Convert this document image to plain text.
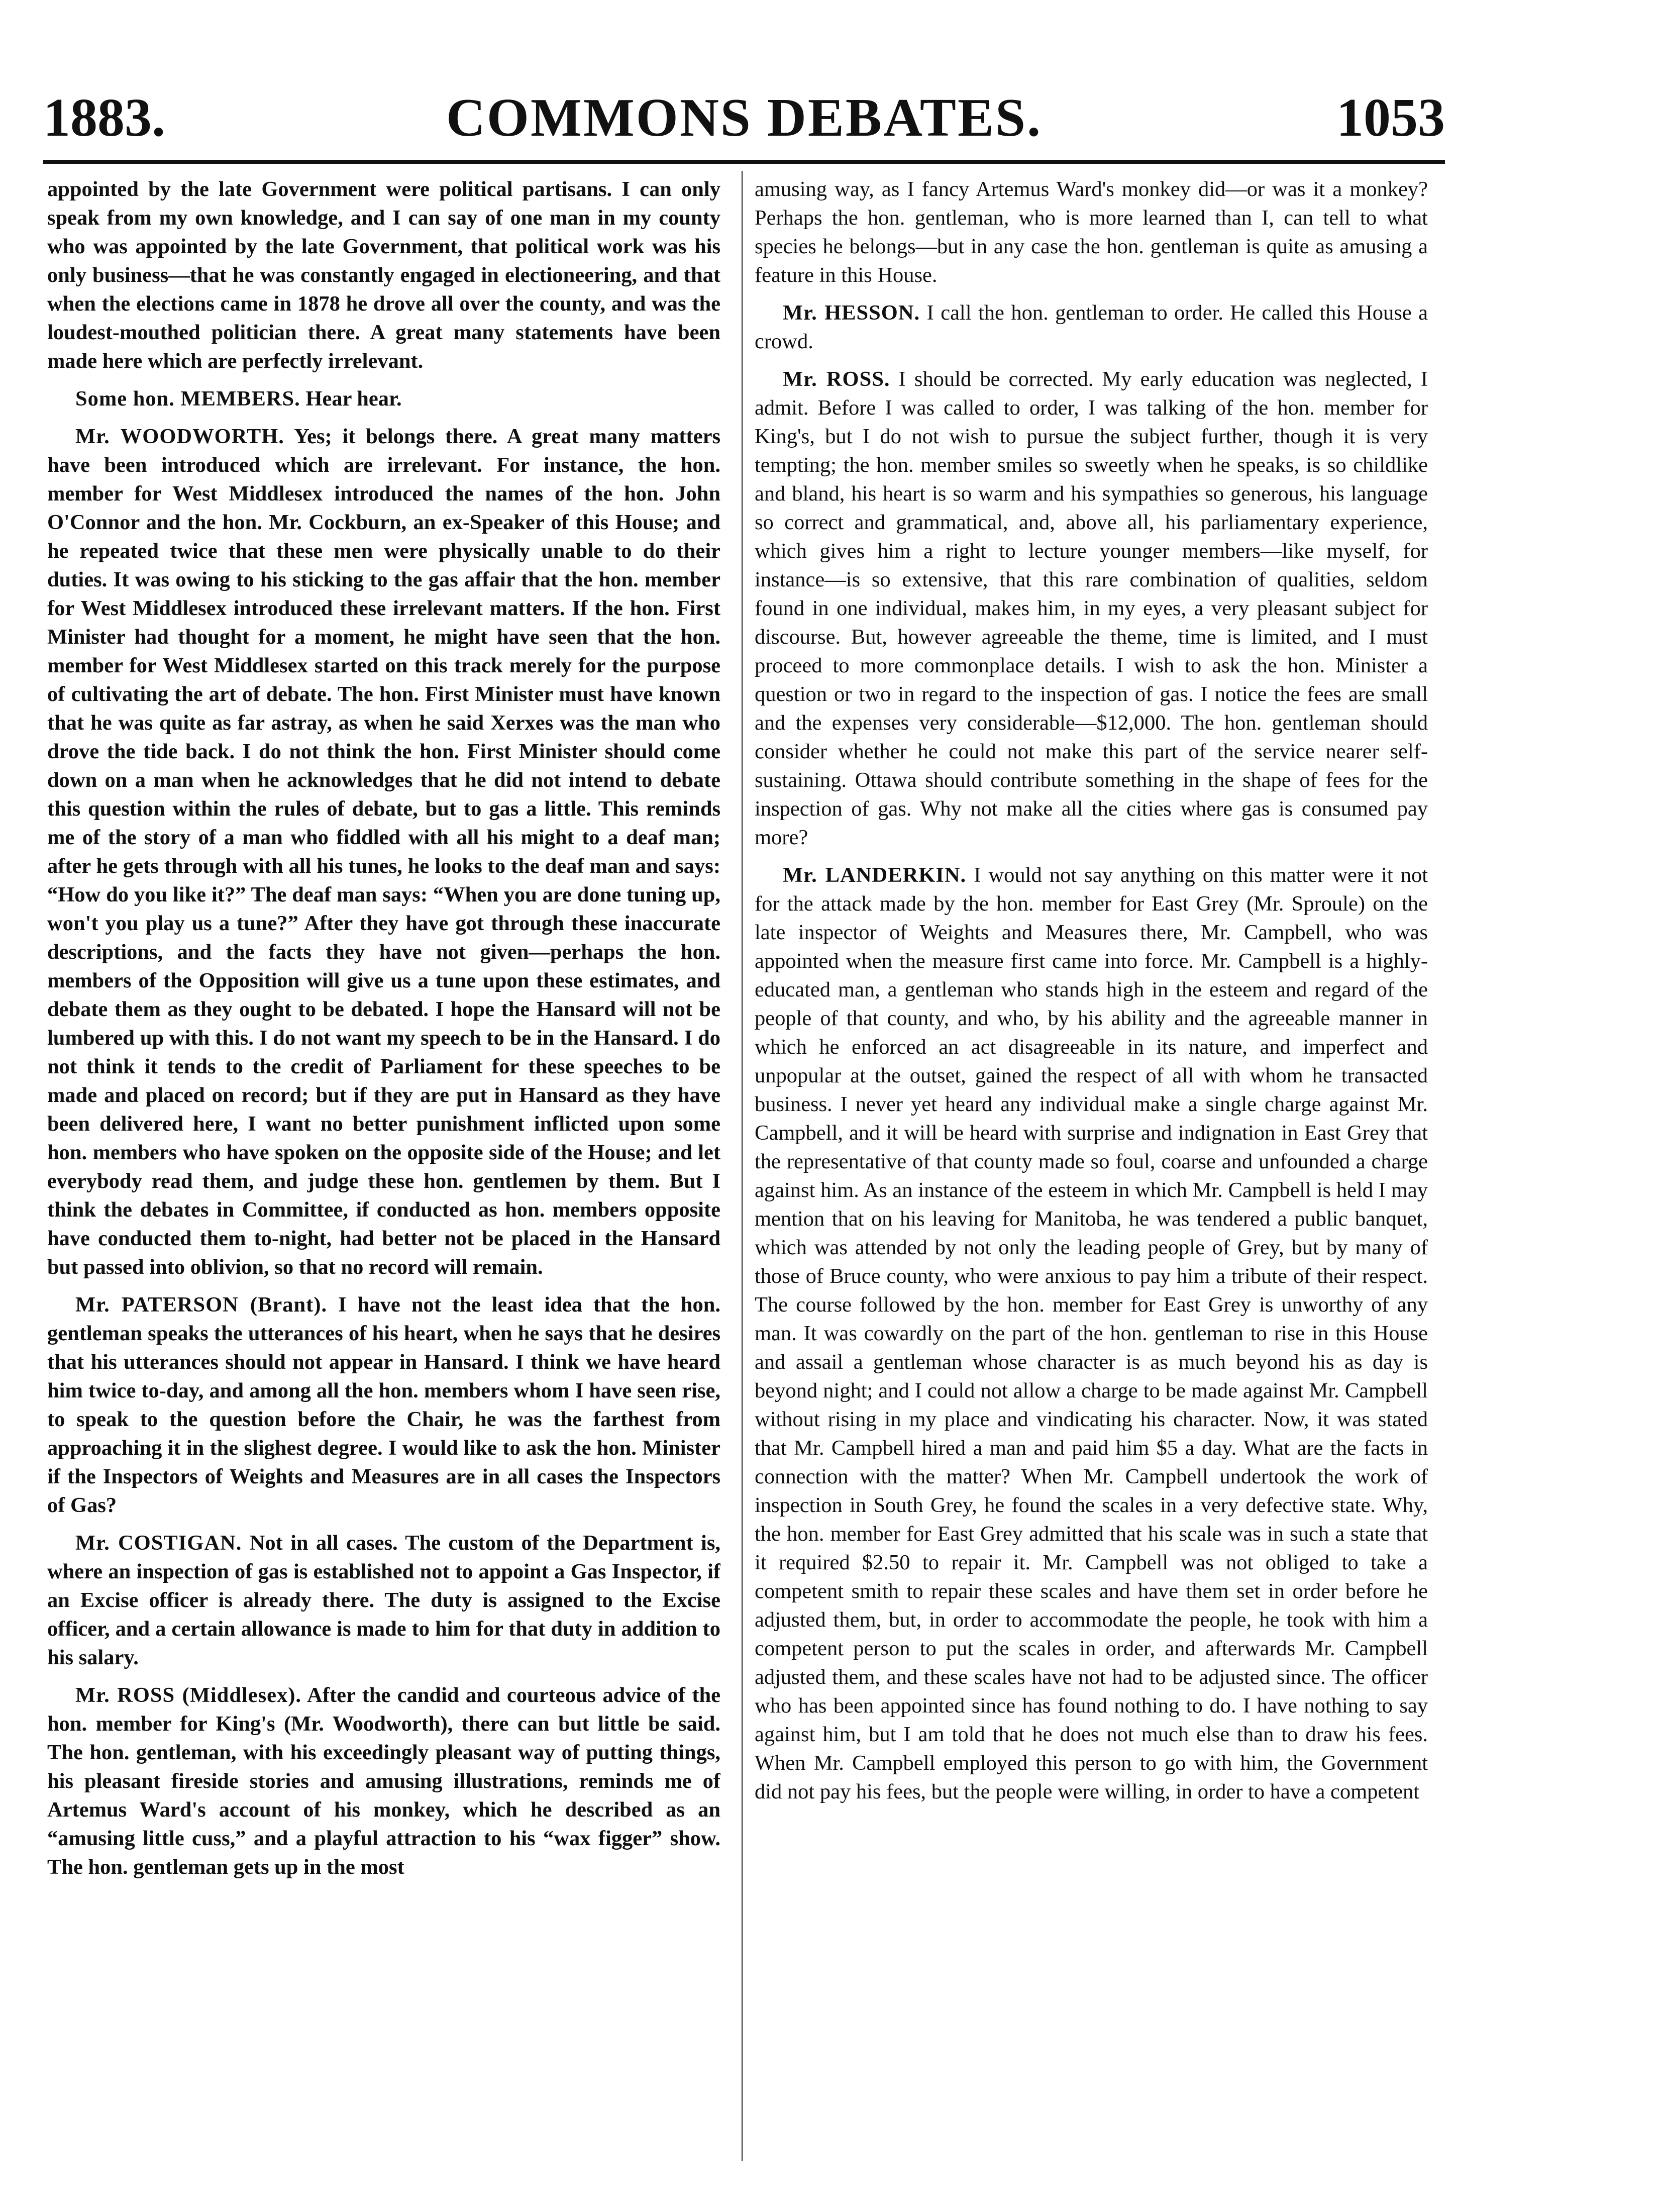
1883.	COMMONS DEBATES.	1053

appointed by the late Government were political partisans. I can only speak from my own knowledge, and I can say of one man in my county who was appointed by the late Government, that political work was his only business—that he was constantly engaged in electioneering, and that when the elections came in 1878 he drove all over the county, and was the loudest-mouthed politician there. A great many statements have been made here which are perfectly irrelevant.

Some hon. MEMBERS. Hear hear.

Mr. WOODWORTH. Yes; it belongs there. A great many matters have been introduced which are irrelevant. For instance, the hon. member for West Middlesex introduced the names of the hon. John O'Connor and the hon. Mr. Cockburn, an ex-Speaker of this House; and he repeated twice that these men were physically unable to do their duties. It was owing to his sticking to the gas affair that the hon. member for West Middlesex introduced these irrelevant matters. If the hon. First Minister had thought for a moment, he might have seen that the hon. member for West Middlesex started on this track merely for the purpose of cultivating the art of debate. The hon. First Minister must have known that he was quite as far astray, as when he said Xerxes was the man who drove the tide back. I do not think the hon. First Minister should come down on a man when he acknowledges that he did not intend to debate this question within the rules of debate, but to gas a little. This reminds me of the story of a man who fiddled with all his might to a deaf man; after he gets through with all his tunes, he looks to the deaf man and says: “How do you like it?” The deaf man says: “When you are done tuning up, won't you play us a tune?” After they have got through these inaccurate descriptions, and the facts they have not given—perhaps the hon. members of the Opposition will give us a tune upon these estimates, and debate them as they ought to be debated. I hope the Hansard will not be lumbered up with this. I do not want my speech to be in the Hansard. I do not think it tends to the credit of Parliament for these speeches to be made and placed on record; but if they are put in Hansard as they have been delivered here, I want no better punishment inflicted upon some hon. members who have spoken on the opposite side of the House; and let everybody read them, and judge these hon. gentlemen by them. But I think the debates in Committee, if conducted as hon. members opposite have conducted them to-night, had better not be placed in the Hansard but passed into oblivion, so that no record will remain.

Mr. PATERSON (Brant). I have not the least idea that the hon. gentleman speaks the utterances of his heart, when he says that he desires that his utterances should not appear in Hansard. I think we have heard him twice to-day, and among all the hon. members whom I have seen rise, to speak to the question before the Chair, he was the farthest from approaching it in the slighest degree. I would like to ask the hon. Minister if the Inspectors of Weights and Measures are in all cases the Inspectors of Gas?

Mr. COSTIGAN. Not in all cases. The custom of the Department is, where an inspection of gas is established not to appoint a Gas Inspector, if an Excise officer is already there. The duty is assigned to the Excise officer, and a certain allowance is made to him for that duty in addition to his salary.

Mr. ROSS (Middlesex). After the candid and courteous advice of the hon. member for King's (Mr. Woodworth), there can but little be said. The hon. gentleman, with his exceedingly pleasant way of putting things, his pleasant fireside stories and amusing illustrations, reminds me of Artemus Ward's account of his monkey, which he described as an “amusing little cuss,” and a playful attraction to his “wax figger” show. The hon. gentleman gets up in the most

amusing way, as I fancy Artemus Ward's monkey did—or was it a monkey? Perhaps the hon. gentleman, who is more learned than I, can tell to what species he belongs—but in any case the hon. gentleman is quite as amusing a feature in this House.

Mr. HESSON. I call the hon. gentleman to order. He called this House a crowd.

Mr. ROSS. I should be corrected. My early education was neglected, I admit. Before I was called to order, I was talking of the hon. member for King's, but I do not wish to pursue the subject further, though it is very tempting; the hon. member smiles so sweetly when he speaks, is so childlike and bland, his heart is so warm and his sympathies so generous, his language so correct and grammatical, and, above all, his parliamentary experience, which gives him a right to lecture younger members—like myself, for instance—is so extensive, that this rare combination of qualities, seldom found in one individual, makes him, in my eyes, a very pleasant subject for discourse. But, however agreeable the theme, time is limited, and I must proceed to more commonplace details. I wish to ask the hon. Minister a question or two in regard to the inspection of gas. I notice the fees are small and the expenses very considerable—$12,000. The hon. gentleman should consider whether he could not make this part of the service nearer self-sustaining. Ottawa should contribute something in the shape of fees for the inspection of gas. Why not make all the cities where gas is consumed pay more?

Mr. LANDERKIN. I would not say anything on this matter were it not for the attack made by the hon. member for East Grey (Mr. Sproule) on the late inspector of Weights and Measures there, Mr. Campbell, who was appointed when the measure first came into force. Mr. Campbell is a highly-educated man, a gentleman who stands high in the esteem and regard of the people of that county, and who, by his ability and the agreeable manner in which he enforced an act disagreeable in its nature, and imperfect and unpopular at the outset, gained the respect of all with whom he transacted business. I never yet heard any individual make a single charge against Mr. Campbell, and it will be heard with surprise and indignation in East Grey that the representative of that county made so foul, coarse and unfounded a charge against him. As an instance of the esteem in which Mr. Campbell is held I may mention that on his leaving for Manitoba, he was tendered a public banquet, which was attended by not only the leading people of Grey, but by many of those of Bruce county, who were anxious to pay him a tribute of their respect. The course followed by the hon. member for East Grey is unworthy of any man. It was cowardly on the part of the hon. gentleman to rise in this House and assail a gentleman whose character is as much beyond his as day is beyond night; and I could not allow a charge to be made against Mr. Campbell without rising in my place and vindicating his character. Now, it was stated that Mr. Campbell hired a man and paid him $5 a day. What are the facts in connection with the matter? When Mr. Campbell undertook the work of inspection in South Grey, he found the scales in a very defective state. Why, the hon. member for East Grey admitted that his scale was in such a state that it required $2.50 to repair it. Mr. Campbell was not obliged to take a competent smith to repair these scales and have them set in order before he adjusted them, but, in order to accommodate the people, he took with him a competent person to put the scales in order, and afterwards Mr. Campbell adjusted them, and these scales have not had to be adjusted since. The officer who has been appointed since has found nothing to do. I have nothing to say against him, but I am told that he does not much else than to draw his fees. When Mr. Campbell employed this person to go with him, the Government did not pay his fees, but the people were willing, in order to have a competent
